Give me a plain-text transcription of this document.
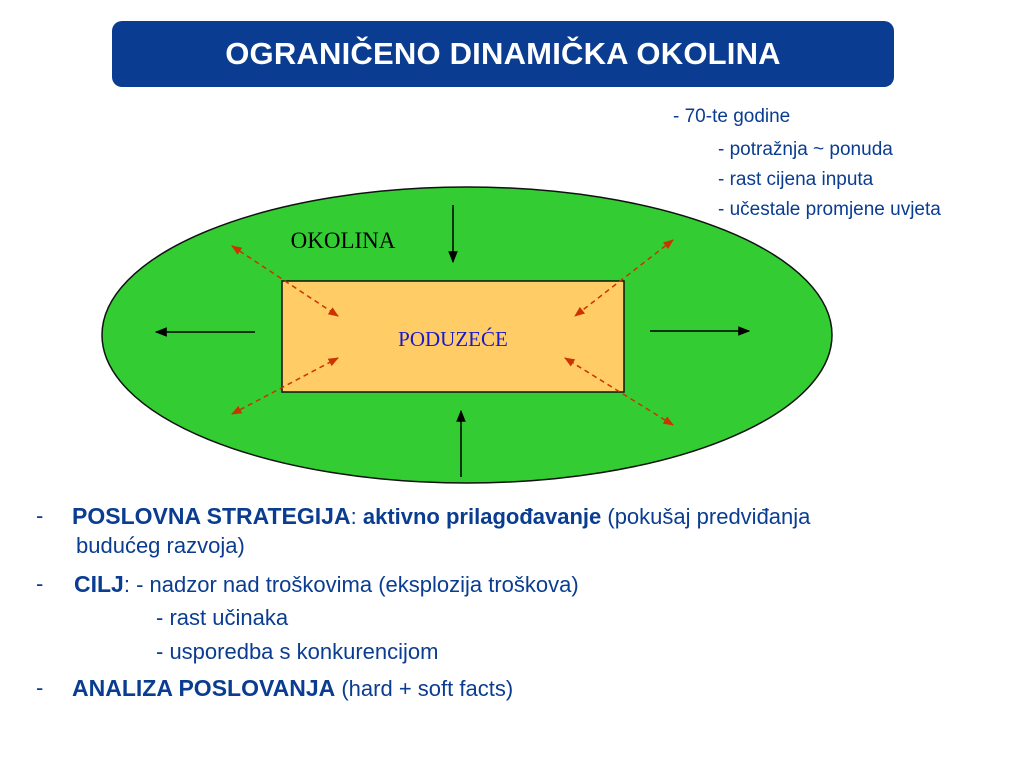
OGRANIČENO DINAMIČKA OKOLINA
- 70-te godine
- potražnja ~ ponuda
- rast cijena inputa
- učestale promjene uvjeta
OKOLINA
PODUZEĆE
- POSLOVNA STRATEGIJA: aktivno prilagođavanje (pokušaj predviđanja
budućeg razvoja)
- CILJ: - nadzor nad troškovima (eksplozija troškova)
- rast učinaka
- usporedba s konkurencijom
- ANALIZA POSLOVANJA (hard + soft facts)
